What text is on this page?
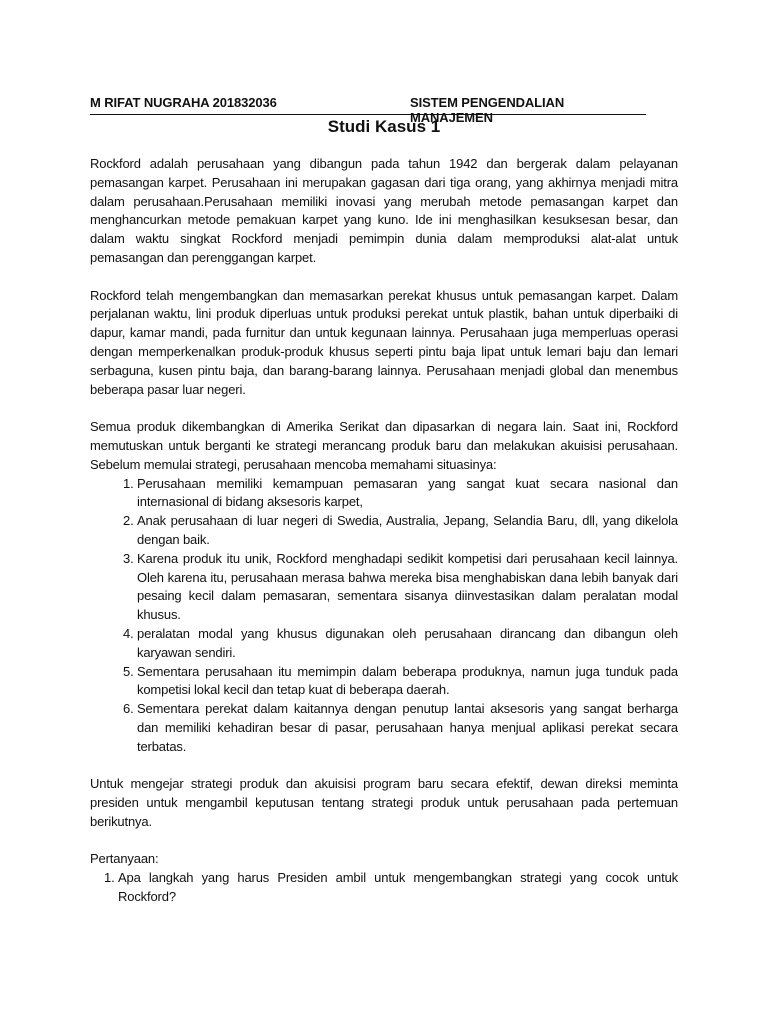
M RIFAT NUGRAHA 201832036	SISTEM PENGENDALIAN MANAJEMEN
Studi Kasus 1

Rockford adalah perusahaan yang dibangun pada tahun 1942 dan bergerak dalam pelayanan pemasangan karpet. Perusahaan ini merupakan gagasan dari tiga orang, yang akhirnya menjadi mitra dalam perusahaan.Perusahaan memiliki inovasi yang merubah metode pemasangan karpet dan menghancurkan metode pemakuan karpet yang kuno. Ide ini menghasilkan kesuksesan besar, dan dalam waktu singkat Rockford menjadi pemimpin dunia dalam memproduksi alat-alat untuk pemasangan dan perenggangan karpet.

Rockford telah mengembangkan dan memasarkan perekat khusus untuk pemasangan karpet. Dalam perjalanan waktu, lini produk diperluas untuk produksi perekat untuk plastik, bahan untuk diperbaiki di dapur, kamar mandi, pada furnitur dan untuk kegunaan lainnya. Perusahaan juga memperluas operasi dengan memperkenalkan produk-produk khusus seperti pintu baja lipat untuk lemari baju dan lemari serbaguna, kusen pintu baja, dan barang-barang lainnya. Perusahaan menjadi global dan menembus beberapa pasar luar negeri.

Semua produk dikembangkan di Amerika Serikat dan dipasarkan di negara lain. Saat ini, Rockford memutuskan untuk berganti ke strategi merancang produk baru dan melakukan akuisisi perusahaan. Sebelum memulai strategi, perusahaan mencoba memahami situasinya:

1. Perusahaan memiliki kemampuan pemasaran yang sangat kuat secara nasional dan internasional di bidang aksesoris karpet,
2. Anak perusahaan di luar negeri di Swedia, Australia, Jepang, Selandia Baru, dll, yang dikelola dengan baik.
3. Karena produk itu unik, Rockford menghadapi sedikit kompetisi dari perusahaan kecil lainnya. Oleh karena itu, perusahaan merasa bahwa mereka bisa menghabiskan dana lebih banyak dari pesaing kecil dalam pemasaran, sementara sisanya diinvestasikan dalam peralatan modal khusus.
4. peralatan modal yang khusus digunakan oleh perusahaan dirancang dan dibangun oleh karyawan sendiri.
5. Sementara perusahaan itu memimpin dalam beberapa produknya, namun juga tunduk pada kompetisi lokal kecil dan tetap kuat di beberapa daerah.
6. Sementara perekat dalam kaitannya dengan penutup lantai aksesoris yang sangat berharga dan memiliki kehadiran besar di pasar, perusahaan hanya menjual aplikasi perekat secara terbatas.

Untuk mengejar strategi produk dan akuisisi program baru secara efektif, dewan direksi meminta presiden untuk mengambil keputusan tentang strategi produk untuk perusahaan pada pertemuan berikutnya.

Pertanyaan:

1. Apa langkah yang harus Presiden ambil untuk mengembangkan strategi yang cocok untuk Rockford?
